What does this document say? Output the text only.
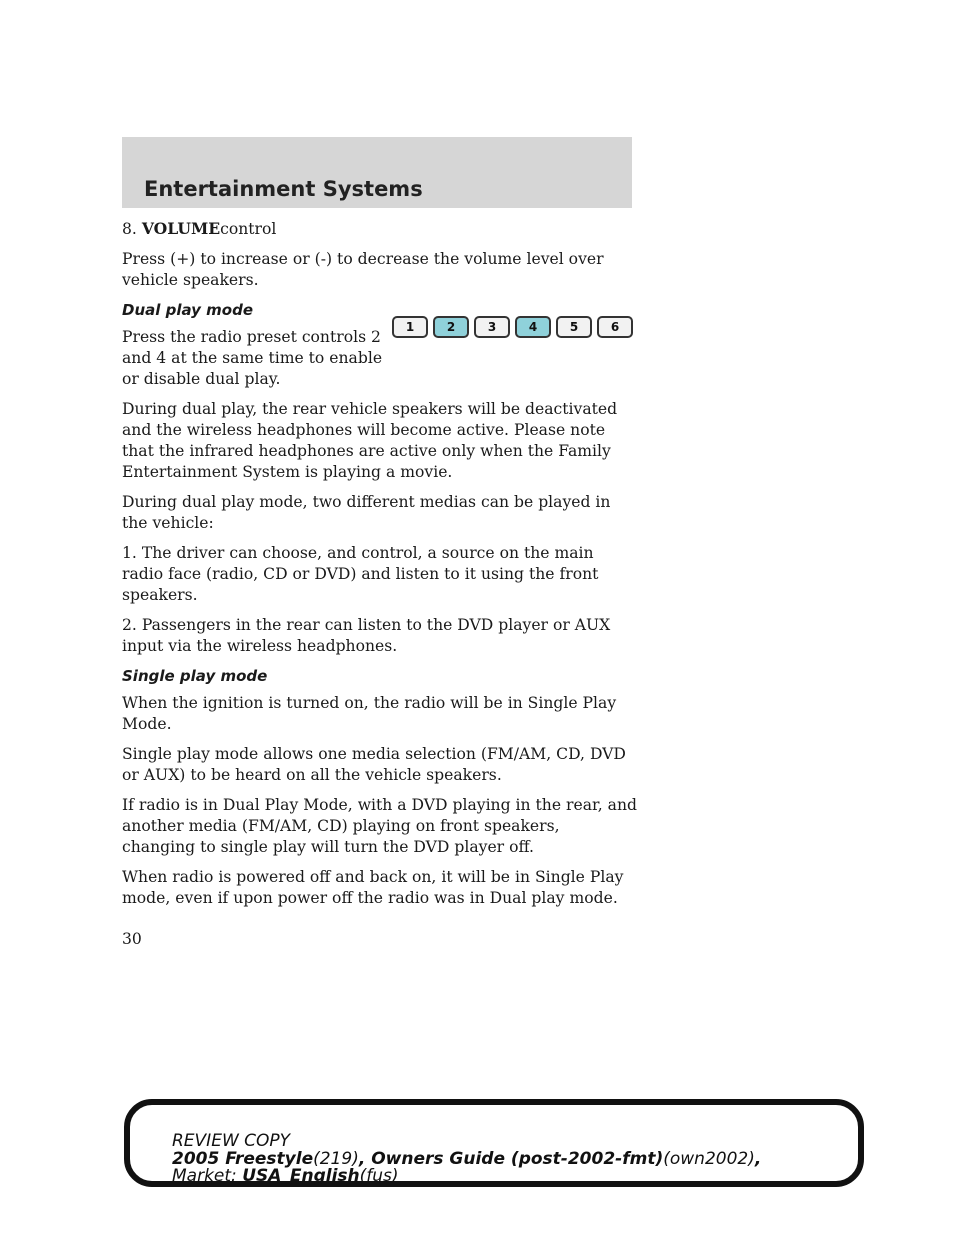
Entertainment Systems

8. VOLUMEcontrol

Press (+) to increase or (-) to decrease the volume level over vehicle speakers.

Dual play mode

Press the radio preset controls 2 and 4 at the same time to enable or disable dual play.

During dual play, the rear vehicle speakers will be deactivated and the wireless headphones will become active. Please note that the infrared headphones are active only when the Family Entertainment System is playing a movie.

During dual play mode, two different medias can be played in the vehicle:

1. The driver can choose, and control, a source on the main radio face (radio, CD or DVD) and listen to it using the front speakers.

2. Passengers in the rear can listen to the DVD player or AUX input via the wireless headphones.

Single play mode

When the ignition is turned on, the radio will be in Single Play Mode.

Single play mode allows one media selection (FM/AM, CD, DVD or AUX) to be heard on all the vehicle speakers.

If radio is in Dual Play Mode, with a DVD playing in the rear, and another media (FM/AM, CD) playing on front speakers, changing to single play will turn the DVD player off.

When radio is powered off and back on, it will be in Single Play mode, even if upon power off the radio was in Dual play mode.

1	2	3	4	5	6
30
REVIEW COPY
2005 Freestyle(219), Owners Guide (post-2002-fmt)(own2002),
Market: USA_English(fus)
